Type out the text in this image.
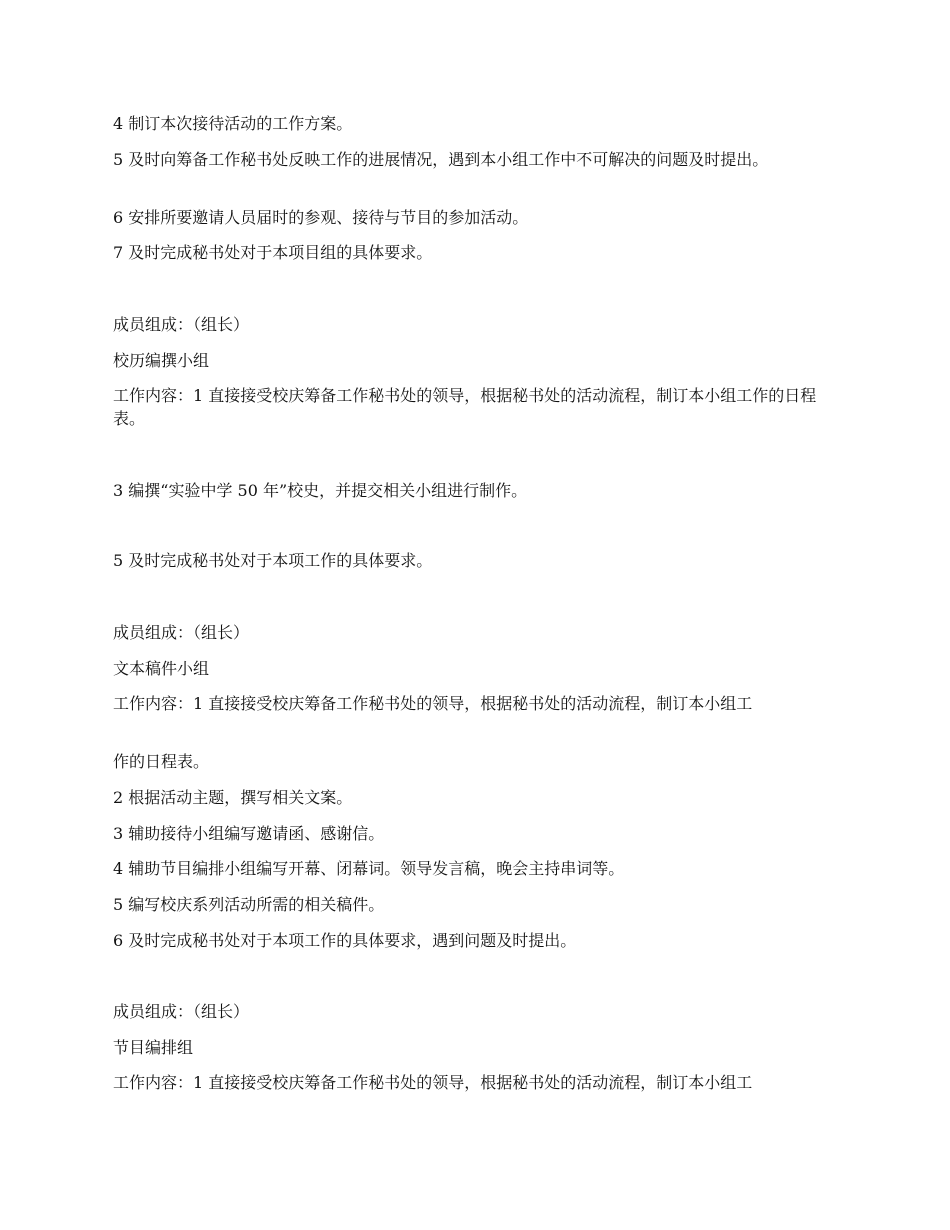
4 制订本次接待活动的工作方案。
5 及时向筹备工作秘书处反映工作的进展情况，遇到本小组工作中不可解决的问题及时提出。
6 安排所要邀请人员届时的参观、接待与节目的参加活动。
7 及时完成秘书处对于本项目组的具体要求。
成员组成：（组长）
校历编撰小组
工作内容：1 直接接受校庆筹备工作秘书处的领导，根据秘书处的活动流程，制订本小组工作的日程表。
3 编撰“实验中学 50 年”校史，并提交相关小组进行制作。
5 及时完成秘书处对于本项工作的具体要求。
成员组成：（组长）
文本稿件小组
工作内容：1 直接接受校庆筹备工作秘书处的领导，根据秘书处的活动流程，制订本小组工
作的日程表。
2 根据活动主题，撰写相关文案。
3 辅助接待小组编写邀请函、感谢信。
4 辅助节目编排小组编写开幕、闭幕词。领导发言稿，晚会主持串词等。
5 编写校庆系列活动所需的相关稿件。
6 及时完成秘书处对于本项工作的具体要求，遇到问题及时提出。
成员组成：（组长）
节目编排组
工作内容：1 直接接受校庆筹备工作秘书处的领导，根据秘书处的活动流程，制订本小组工
